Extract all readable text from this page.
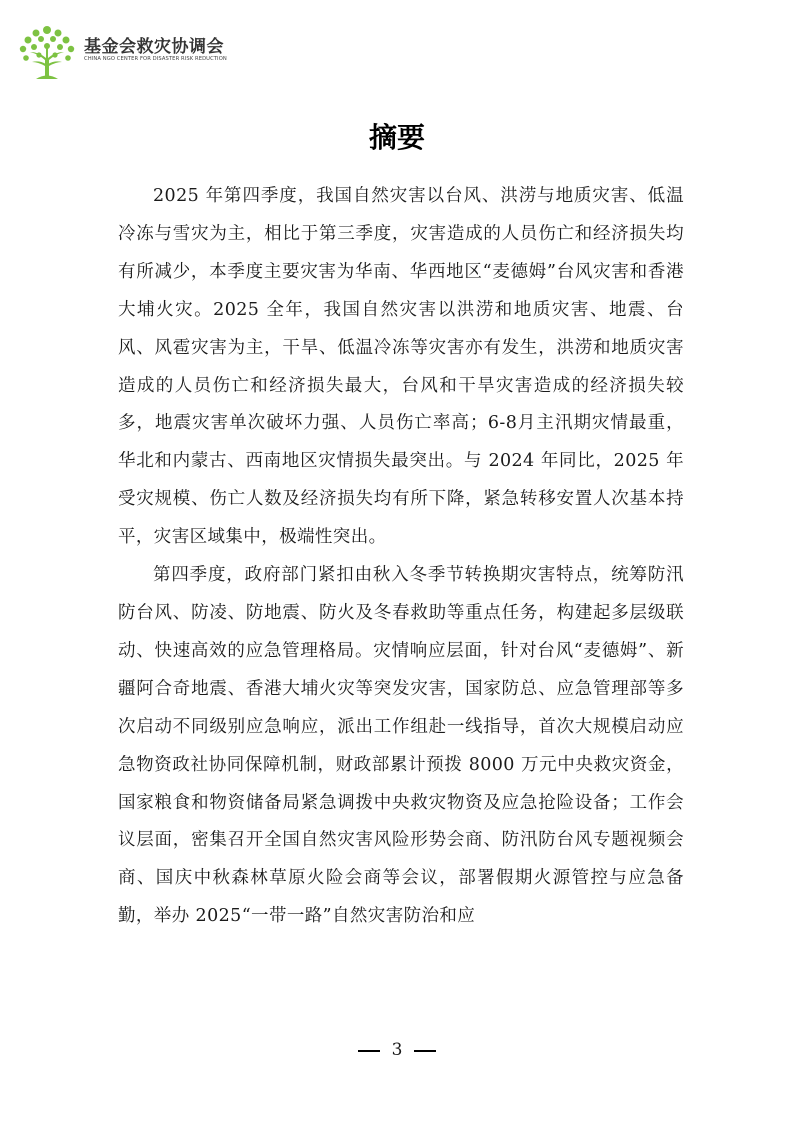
基金会救灾协调会
CHINA NGO CENTER FOR DISASTER RISK REDUCTION
摘要

2025 年第四季度，我国自然灾害以台风、洪涝与地质灾害、低温冷冻与雪灾为主，相比于第三季度，灾害造成的人员伤亡和经济损失均有所减少，本季度主要灾害为华南、华西地区“麦德姆”台风灾害和香港大埔火灾。2025 全年，我国自然灾害以洪涝和地质灾害、地震、台风、风雹灾害为主，干旱、低温冷冻等灾害亦有发生，洪涝和地质灾害造成的人员伤亡和经济损失最大，台风和干旱灾害造成的经济损失较多，地震灾害单次破坏力强、人员伤亡率高；6-8月主汛期灾情最重，华北和内蒙古、西南地区灾情损失最突出。与 2024 年同比，2025 年受灾规模、伤亡人数及经济损失均有所下降，紧急转移安置人次基本持平，灾害区域集中，极端性突出。

第四季度，政府部门紧扣由秋入冬季节转换期灾害特点，统筹防汛防台风、防凌、防地震、防火及冬春救助等重点任务，构建起多层级联动、快速高效的应急管理格局。灾情响应层面，针对台风“麦德姆”、新疆阿合奇地震、香港大埔火灾等突发灾害，国家防总、应急管理部等多次启动不同级别应急响应，派出工作组赴一线指导，首次大规模启动应急物资政社协同保障机制，财政部累计预拨 8000 万元中央救灾资金，国家粮食和物资储备局紧急调拨中央救灾物资及应急抢险设备；工作会议层面，密集召开全国自然灾害风险形势会商、防汛防台风专题视频会商、国庆中秋森林草原火险会商等会议，部署假期火源管控与应急备勤，举办 2025“一带一路”自然灾害防治和应

3
